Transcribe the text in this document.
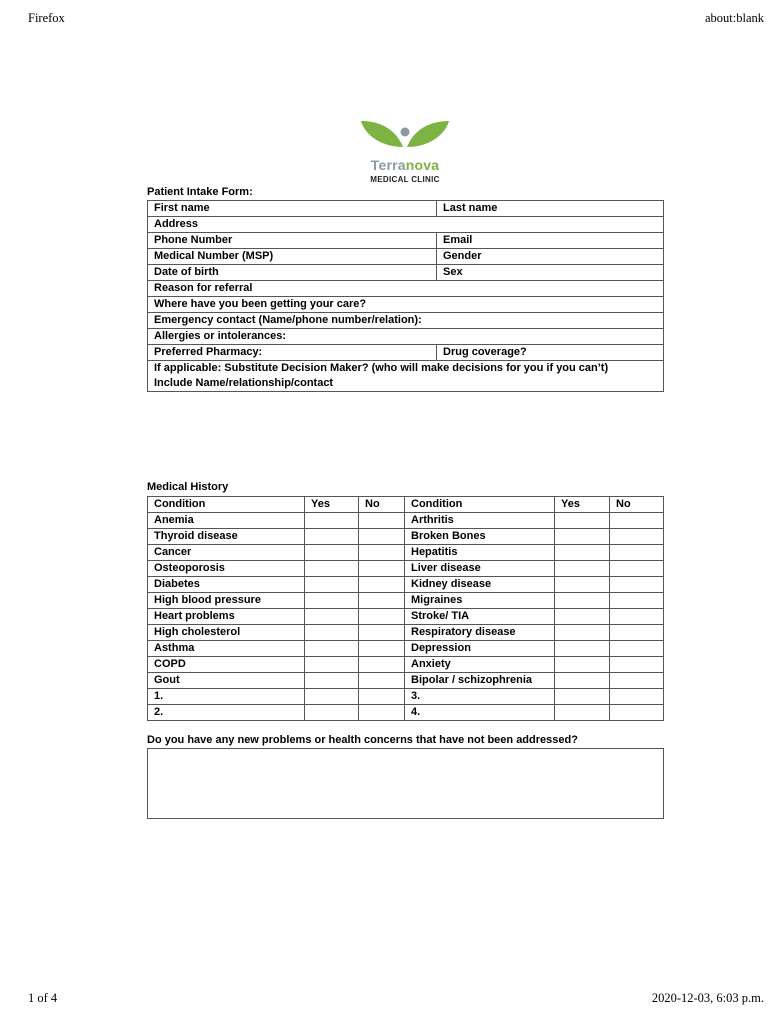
Firefox	about:blank
1 of 4	2020-12-03, 6:03 p.m.
Terranova
MEDICAL CLINIC
Patient Intake Form:
First name	Last name
Address	
Phone Number	Email
Medical Number (MSP)	Gender
Date of birth	Sex
Reason for referral	
Where have you been getting your care?	
Emergency contact (Name/phone number/relation):	
Allergies or intolerances:	
Preferred Pharmacy:	Drug coverage?

If applicable: Substitute Decision Maker? (who will make decisions for you if you can’t)
Include Name/relationship/contact	
Medical History
Condition	Yes	No	Condition	Yes	No
Anemia			Arthritis		
Thyroid disease			Broken Bones		
Cancer			Hepatitis		
Osteoporosis			Liver disease		
Diabetes			Kidney disease		
High blood pressure			Migraines		
Heart problems			Stroke/ TIA		
High cholesterol			Respiratory disease		
Asthma			Depression		
COPD			Anxiety		
Gout			Bipolar / schizophrenia		
1.			3.		
2.			4.		
Do you have any new problems or health concerns that have not been addressed?
